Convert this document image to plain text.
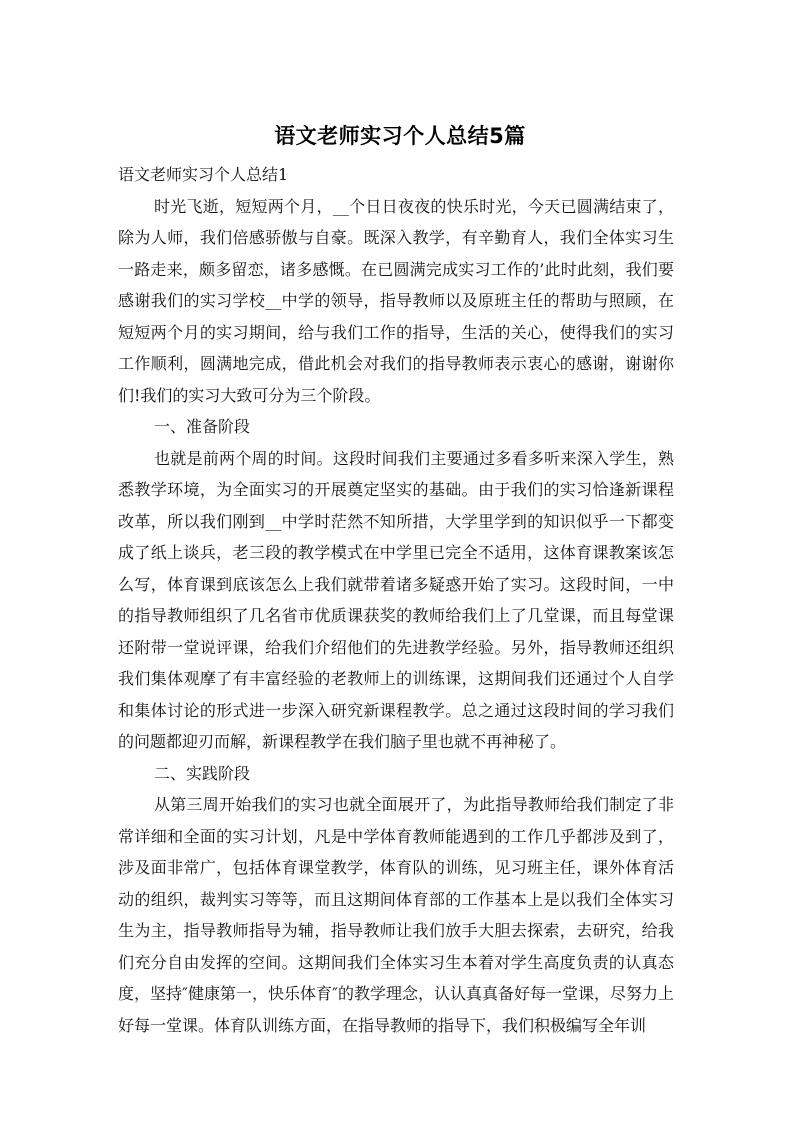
语文老师实习个人总结5篇

语文老师实习个人总结1

时光飞逝，短短两个月，__个日日夜夜的快乐时光，今天已圆满结束了，除为人师，我们倍感骄傲与自豪。既深入教学，有辛勤育人，我们全体实习生一路走来，颇多留恋，诸多感慨。在已圆满完成实习工作的’此时此刻，我们要感谢我们的实习学校__中学的领导，指导教师以及原班主任的帮助与照顾，在短短两个月的实习期间，给与我们工作的指导，生活的关心，使得我们的实习工作顺利，圆满地完成，借此机会对我们的指导教师表示衷心的感谢，谢谢你们!我们的实习大致可分为三个阶段。

一、准备阶段

也就是前两个周的时间。这段时间我们主要通过多看多听来深入学生，熟悉教学环境，为全面实习的开展奠定坚实的基础。由于我们的实习恰逢新课程改革，所以我们刚到__中学时茫然不知所措，大学里学到的知识似乎一下都变成了纸上谈兵，老三段的教学模式在中学里已完全不适用，这体育课教案该怎么写，体育课到底该怎么上我们就带着诸多疑惑开始了实习。这段时间，一中的指导教师组织了几名省市优质课获奖的教师给我们上了几堂课，而且每堂课还附带一堂说评课，给我们介绍他们的先进教学经验。另外，指导教师还组织我们集体观摩了有丰富经验的老教师上的训练课，这期间我们还通过个人自学和集体讨论的形式进一步深入研究新课程教学。总之通过这段时间的学习我们的问题都迎刃而解，新课程教学在我们脑子里也就不再神秘了。

二、实践阶段

从第三周开始我们的实习也就全面展开了，为此指导教师给我们制定了非常详细和全面的实习计划，凡是中学体育教师能遇到的工作几乎都涉及到了，涉及面非常广，包括体育课堂教学，体育队的训练，见习班主任，课外体育活动的组织，裁判实习等等，而且这期间体育部的工作基本上是以我们全体实习生为主，指导教师指导为辅，指导教师让我们放手大胆去探索，去研究，给我们充分自由发挥的空间。这期间我们全体实习生本着对学生高度负责的认真态度，坚持″健康第一，快乐体育″的教学理念，认认真真备好每一堂课，尽努力上好每一堂课。体育队训练方面，在指导教师的指导下，我们积极编写全年训
